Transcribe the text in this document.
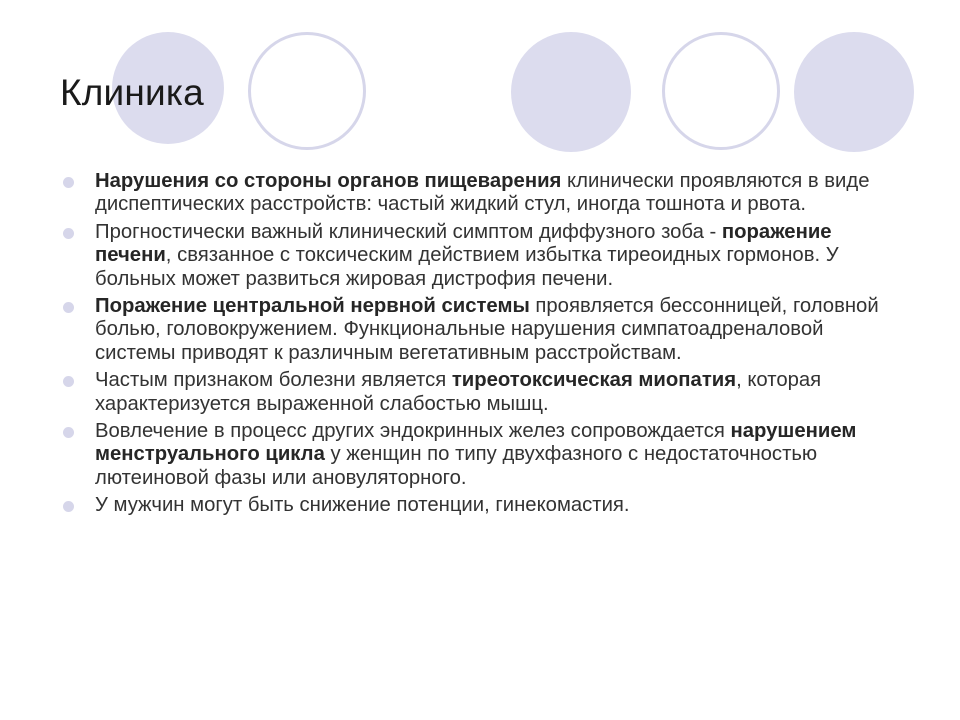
Клиника
Нарушения со стороны органов пищеварения клинически проявляются в виде диспептических расстройств: частый жидкий стул, иногда тошнота и рвота.
Прогностически важный клинический симптом диффузного зоба - поражение печени, связанное с токсическим действием избытка тиреоидных гормонов. У больных может развиться жировая дистрофия печени.
Поражение центральной нервной системы проявляется бессонницей, головной болью, головокружением. Функциональные нарушения симпатоадреналовой системы приводят к различным вегетативным расстройствам.
Частым признаком болезни является тиреотоксическая миопатия, которая характеризуется выраженной слабостью мышц.
Вовлечение в процесс других эндокринных желез сопровождается нарушением менструального цикла у женщин по типу двухфазного с недостаточностью лютеиновой фазы или ановуляторного.
У мужчин могут быть снижение потенции, гинекомастия.
